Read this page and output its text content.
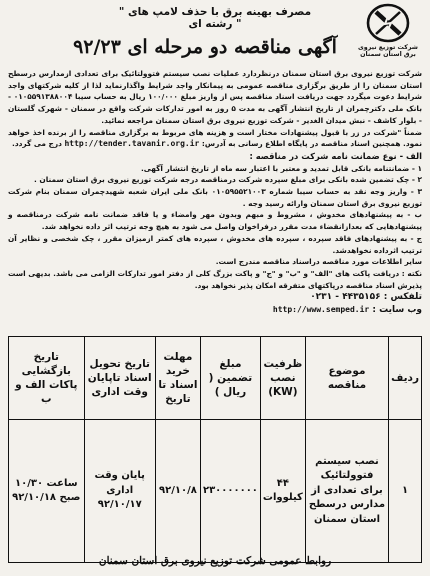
" مصرف بهینه برق با حذف لامپ های رشته ای "
شرکت توزیع نیروی برق استان سمنان
آگهی مناقصه دو مرحله ای ۹۲/۲۳

شرکت توزیع نیروی برق استان سمنان درنظردارد عملیات نصب سیستم فتوولتائیک برای تعدادی ازمدارس درسطح استان سمنان را از طریق برگزاری مناقصه عمومی به پیمانکار واجد شرایط واگذارنماید لذا از کلیه شرکتهای واجد شرایط دعوت میگردد جهت دریافت اسناد مناقصه پس از واریز مبلغ ۱۰۰/۰۰۰ ریال به حساب سیبا ۰۱۰۵۵۹۱۳۸۸۰۰۴ - بانک ملی دکترچمران از تاریخ انتشار آگهی به مدت ۵ روز به امور تدارکات شرکت واقع در سمنان - شهرک گلستان - بلوار کاشف - نبش میدان الغدیر - شرکت توزیع نیروی برق استان سمنان مراجعه نمائید.

ضمناً "شرکت در زر با قبول پیشنهادات مختار است و هزینه های مربوط به برگزاری مناقصه را از برنده اخذ خواهد نمود. همچنین اسناد مناقصه در پایگاه اطلاع رسانی به آدرس: http://tender.tavanir.org.ir درج می گردد.

الف - نوع ضمانت نامه شرکت در مناقصه :

۱ - ضمانتنامه بانکی قابل تمدید و معتبر با اعتبار سه ماه از تاریخ انتشار آگهی.

۲ - چک تضمین شده بانکی برای مبلغ سپرده شرکت درمناقصه درجه شرکت توزیع نیروی برق استان سمنان .

۳ - واریز وجه نقد به حساب سیبا شماره ۰۱۰۵۹۵۵۲۱۰۰۳ بانک ملی ایران شعبه شهیدچمران سمنان بنام شرکت توزیع نیروی برق استان سمنان وارائه رسید وجه .

ب - به پیشنهادهای مخدوش ، مشروط و مبهم وبدون مهر وامضاء و یا فاقد ضمانت نامه شرکت درمناقصه و پیشنهادهایی که بعدازانقضاء مدت مقرر درفراخوان واصل می شود به هیچ وجه ترتیب اثر داده نخواهد شد.

ج - به پیشنهادهای فاقد سپرده ، سپرده های مخدوش ، سپرده های کمتر ازمیزان مقرر ، چک شخصی و نظایر آن ترتیب اثرداده نخواهدشد.

سایر اطلاعات مورد مناقصه دراسناد مناقصه مندرج است.

نکته : دریافت پاکت های "الف" و "ب" و "ج" و پاکت بزرگ کلی از دفتر امور تدارکات الزامی می باشد. بدیهی است پذیرش اسناد مناقصه درپاکتهای متفرقه امکان پذیر نخواهد بود.

تلفکس : ۴۴۳۵۱۵۶ - ۰۲۳۱

وب سایت : http://www.semped.ir

ردیف	موضوع مناقصه	ظرفیت نصب (KW)	مبلغ تضمین ( ریال )	مهلت خرید اسناد تا تاریخ	تاریخ تحویل اسناد تاپایان وقت اداری	تاریخ بازگشایی پاکات الف و ب
۱	نصب سیستم فتوولتائیک برای تعدادی از مدارس درسطح استان سمنان	۴۴ کیلووات	۲۳۰۰۰۰۰۰۰	۹۲/۱۰/۸	پایان وقت اداری ۹۲/۱۰/۱۷	ساعت ۱۰/۳۰ صبح ۹۲/۱۰/۱۸
روابط عمومی شرکت توزیع نیروی برق استان سمنان
